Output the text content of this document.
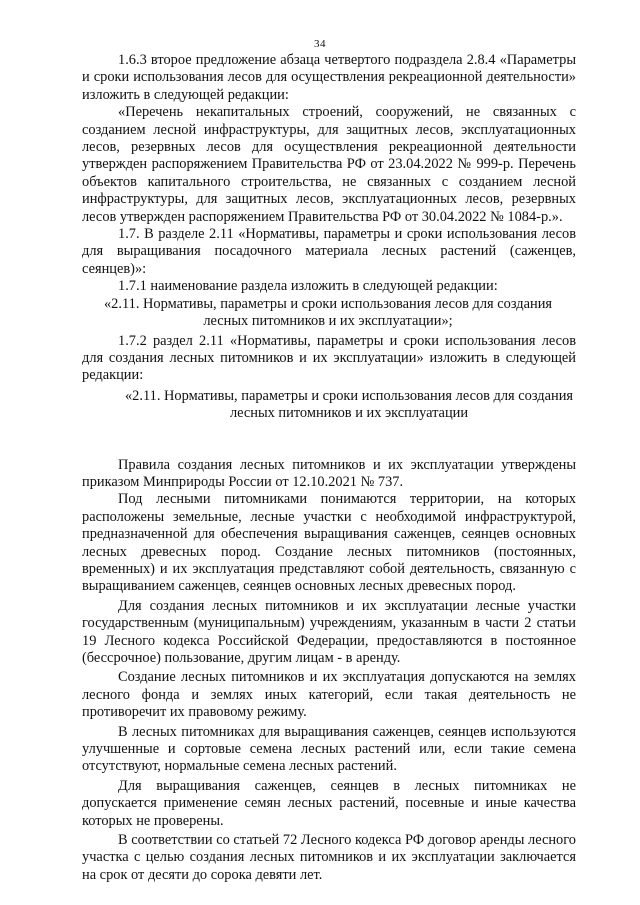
34

1.6.3 второе предложение абзаца четвертого подраздела 2.8.4 «Параметры и сроки использования лесов для осуществления рекреационной деятельности» изложить в следующей редакции:

«Перечень некапитальных строений, сооружений, не связанных с созданием лесной инфраструктуры, для защитных лесов, эксплуатационных лесов, резервных лесов для осуществления рекреационной деятельности утвержден распоряжением Правительства РФ от 23.04.2022 № 999-р. Перечень объектов капитального строительства, не связанных с созданием лесной инфраструктуры, для защитных лесов, эксплуатационных лесов, резервных лесов утвержден распоряжением Правительства РФ от 30.04.2022 № 1084-р.».

1.7. В разделе 2.11 «Нормативы, параметры и сроки использования лесов для выращивания посадочного материала лесных растений (саженцев, сеянцев)»:

1.7.1 наименование раздела изложить в следующей редакции:

«2.11. Нормативы, параметры и сроки использования лесов для создания лесных питомников и их эксплуатации»;

1.7.2 раздел 2.11 «Нормативы, параметры и сроки использования лесов для создания лесных питомников и их эксплуатации» изложить в следующей редакции:

«2.11. Нормативы, параметры и сроки использования лесов для создания лесных питомников и их эксплуатации

Правила создания лесных питомников и их эксплуатации утверждены приказом Минприроды России от 12.10.2021 № 737.

Под лесными питомниками понимаются территории, на которых расположены земельные, лесные участки с необходимой инфраструктурой, предназначенной для обеспечения выращивания саженцев, сеянцев основных лесных древесных пород. Создание лесных питомников (постоянных, временных) и их эксплуатация представляют собой деятельность, связанную с выращиванием саженцев, сеянцев основных лесных древесных пород.

Для создания лесных питомников и их эксплуатации лесные участки государственным (муниципальным) учреждениям, указанным в части 2 статьи 19 Лесного кодекса Российской Федерации, предоставляются в постоянное (бессрочное) пользование, другим лицам - в аренду.

Создание лесных питомников и их эксплуатация допускаются на землях лесного фонда и землях иных категорий, если такая деятельность не противоречит их правовому режиму.

В лесных питомниках для выращивания саженцев, сеянцев используются улучшенные и сортовые семена лесных растений или, если такие семена отсутствуют, нормальные семена лесных растений.

Для выращивания саженцев, сеянцев в лесных питомниках не допускается применение семян лесных растений, посевные и иные качества которых не проверены.

В соответствии со статьей 72 Лесного кодекса РФ договор аренды лесного участка с целью создания лесных питомников и их эксплуатации заключается на срок от десяти до сорока девяти лет.
